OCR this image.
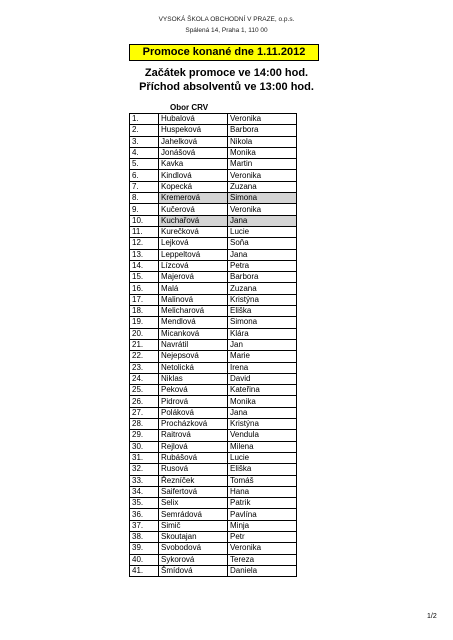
VYSOKÁ ŠKOLA OBCHODNÍ V PRAZE, o.p.s.
Spálená 14, Praha 1, 110 00
Promoce konané dne 1.11.2012
Začátek promoce ve 14:00 hod.
Příchod absolventů ve 13:00 hod.
Obor CRV
1.	Hubalová	Veronika
2.	Huspeková	Barbora
3.	Jahelková	Nikola
4.	Jonášová	Monika
5.	Kavka	Martin
6.	Kindlová	Veronika
7.	Kopecká	Zuzana
8.	Kremerová	Simona
9.	Kučerová	Veronika
10.	Kuchařová	Jana
11.	Kurečková	Lucie
12.	Lejková	Soňa
13.	Leppeltová	Jana
14.	Lízcová	Petra
15.	Majerová	Barbora
16.	Malá	Zuzana
17.	Malinová	Kristýna
18.	Melicharová	Eliška
19.	Mendlová	Simona
20.	Micanková	Klára
21.	Navrátil	Jan
22.	Nejepsová	Marie
23.	Netolická	Irena
24.	Niklas	David
25.	Peková	Kateřina
26.	Pidrová	Monika
27.	Poláková	Jana
28.	Procházková	Kristýna
29.	Raitrová	Vendula
30.	Rejlová	Milena
31.	Rubášová	Lucie
32.	Rusová	Eliška
33.	Řezníček	Tomáš
34.	Saifertová	Hana
35.	Selix	Patrik
36.	Semrádová	Pavlína
37.	Simič	Minja
38.	Skoutajan	Petr
39.	Svobodová	Veronika
40.	Sykorová	Tereza
41.	Šmídová	Daniela
1/2
